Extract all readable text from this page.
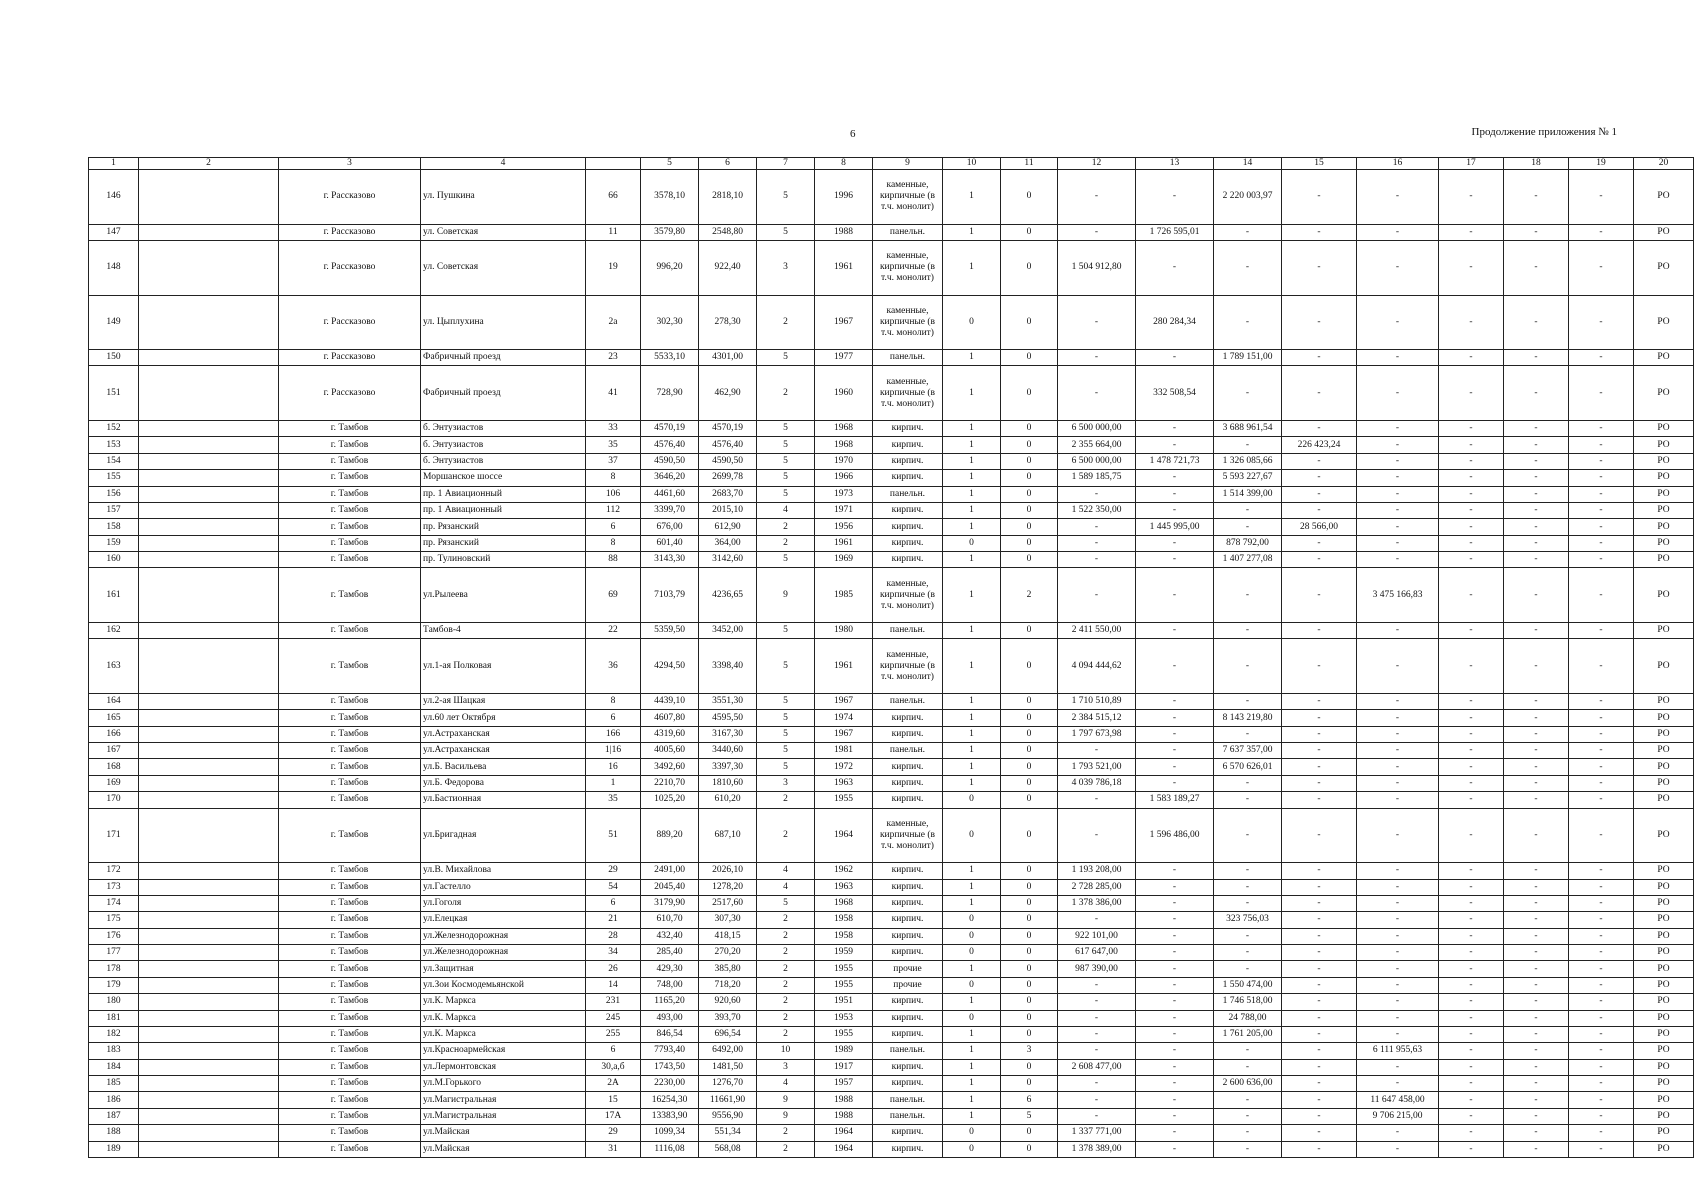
6	Продолжение приложения № 1
1	2	3	4		5	6	7	8	9	10	11	12	13	14	15	16	17	18	19	20
146		г. Рассказово	ул. Пушкина	66	3578,10	2818,10	5	1996	каменные, кирпичные (в т.ч. монолит)	1	0	-	-	2 220 003,97	-	-	-	-	-	РО
147		г. Рассказово	ул. Советская	11	3579,80	2548,80	5	1988	панельн.	1	0	-	1 726 595,01	-	-	-	-	-	-	РО
148		г. Рассказово	ул. Советская	19	996,20	922,40	3	1961	каменные, кирпичные (в т.ч. монолит)	1	0	1 504 912,80	-	-	-	-	-	-	-	РО
149		г. Рассказово	ул. Цыплухина	2а	302,30	278,30	2	1967	каменные, кирпичные (в т.ч. монолит)	0	0	-	280 284,34	-	-	-	-	-	-	РО
150		г. Рассказово	Фабричный проезд	23	5533,10	4301,00	5	1977	панельн.	1	0	-	-	1 789 151,00	-	-	-	-	-	РО
151		г. Рассказово	Фабричный проезд	41	728,90	462,90	2	1960	каменные, кирпичные (в т.ч. монолит)	1	0	-	332 508,54	-	-	-	-	-	-	РО
152		г. Тамбов	б. Энтузиастов	33	4570,19	4570,19	5	1968	кирпич.	1	0	6 500 000,00	-	3 688 961,54	-	-	-	-	-	РО
153		г. Тамбов	б. Энтузиастов	35	4576,40	4576,40	5	1968	кирпич.	1	0	2 355 664,00	-	-	226 423,24	-	-	-	-	РО
154		г. Тамбов	б. Энтузиастов	37	4590,50	4590,50	5	1970	кирпич.	1	0	6 500 000,00	1 478 721,73	1 326 085,66	-	-	-	-	-	РО
155		г. Тамбов	Моршанское шоссе	8	3646,20	2699,78	5	1966	кирпич.	1	0	1 589 185,75	-	5 593 227,67	-	-	-	-	-	РО
156		г. Тамбов	пр. 1 Авиационный	106	4461,60	2683,70	5	1973	панельн.	1	0	-	-	1 514 399,00	-	-	-	-	-	РО
157		г. Тамбов	пр. 1 Авиационный	112	3399,70	2015,10	4	1971	кирпич.	1	0	1 522 350,00	-	-	-	-	-	-	-	РО
158		г. Тамбов	пр. Рязанский	6	676,00	612,90	2	1956	кирпич.	1	0	-	1 445 995,00	-	28 566,00	-	-	-	-	РО
159		г. Тамбов	пр. Рязанский	8	601,40	364,00	2	1961	кирпич.	0	0	-	-	878 792,00	-	-	-	-	-	РО
160		г. Тамбов	пр. Тулиновский	88	3143,30	3142,60	5	1969	кирпич.	1	0	-	-	1 407 277,08	-	-	-	-	-	РО
161		г. Тамбов	ул.Рылеева	69	7103,79	4236,65	9	1985	каменные, кирпичные (в т.ч. монолит)	1	2	-	-	-	-	3 475 166,83	-	-	-	РО
162		г. Тамбов	Тамбов-4	22	5359,50	3452,00	5	1980	панельн.	1	0	2 411 550,00	-	-	-	-	-	-	-	РО
163		г. Тамбов	ул.1-ая Полковая	36	4294,50	3398,40	5	1961	каменные, кирпичные (в т.ч. монолит)	1	0	4 094 444,62	-	-	-	-	-	-	-	РО
164		г. Тамбов	ул.2-ая Шацкая	8	4439,10	3551,30	5	1967	панельн.	1	0	1 710 510,89	-	-	-	-	-	-	-	РО
165		г. Тамбов	ул.60 лет Октября	6	4607,80	4595,50	5	1974	кирпич.	1	0	2 384 515,12	-	8 143 219,80	-	-	-	-	-	РО
166		г. Тамбов	ул.Астраханская	166	4319,60	3167,30	5	1967	кирпич.	1	0	1 797 673,98	-	-	-	-	-	-	-	РО
167		г. Тамбов	ул.Астраханская	1|16	4005,60	3440,60	5	1981	панельн.	1	0	-	-	7 637 357,00	-	-	-	-	-	РО
168		г. Тамбов	ул.Б. Васильева	16	3492,60	3397,30	5	1972	кирпич.	1	0	1 793 521,00	-	6 570 626,01	-	-	-	-	-	РО
169		г. Тамбов	ул.Б. Федорова	1	2210,70	1810,60	3	1963	кирпич.	1	0	4 039 786,18	-	-	-	-	-	-	-	РО
170		г. Тамбов	ул.Бастионная	35	1025,20	610,20	2	1955	кирпич.	0	0	-	1 583 189,27	-	-	-	-	-	-	РО
171		г. Тамбов	ул.Бригадная	51	889,20	687,10	2	1964	каменные, кирпичные (в т.ч. монолит)	0	0	-	1 596 486,00	-	-	-	-	-	-	РО
172		г. Тамбов	ул.В. Михайлова	29	2491,00	2026,10	4	1962	кирпич.	1	0	1 193 208,00	-	-	-	-	-	-	-	РО
173		г. Тамбов	ул.Гастелло	54	2045,40	1278,20	4	1963	кирпич.	1	0	2 728 285,00	-	-	-	-	-	-	-	РО
174		г. Тамбов	ул.Гоголя	6	3179,90	2517,60	5	1968	кирпич.	1	0	1 378 386,00	-	-	-	-	-	-	-	РО
175		г. Тамбов	ул.Елецкая	21	610,70	307,30	2	1958	кирпич.	0	0	-	-	323 756,03	-	-	-	-	-	РО
176		г. Тамбов	ул.Железнодорожная	28	432,40	418,15	2	1958	кирпич.	0	0	922 101,00	-	-	-	-	-	-	-	РО
177		г. Тамбов	ул.Железнодорожная	34	285,40	270,20	2	1959	кирпич.	0	0	617 647,00	-	-	-	-	-	-	-	РО
178		г. Тамбов	ул.Защитная	26	429,30	385,80	2	1955	прочие	1	0	987 390,00	-	-	-	-	-	-	-	РО
179		г. Тамбов	ул.Зои Космодемьянской	14	748,00	718,20	2	1955	прочие	0	0	-	-	1 550 474,00	-	-	-	-	-	РО
180		г. Тамбов	ул.К. Маркса	231	1165,20	920,60	2	1951	кирпич.	1	0	-	-	1 746 518,00	-	-	-	-	-	РО
181		г. Тамбов	ул.К. Маркса	245	493,00	393,70	2	1953	кирпич.	0	0	-	-	24 788,00	-	-	-	-	-	РО
182		г. Тамбов	ул.К. Маркса	255	846,54	696,54	2	1955	кирпич.	1	0	-	-	1 761 205,00	-	-	-	-	-	РО
183		г. Тамбов	ул.Красноармейская	6	7793,40	6492,00	10	1989	панельн.	1	3	-	-	-	-	6 111 955,63	-	-	-	РО
184		г. Тамбов	ул.Лермонтовская	30,а,б	1743,50	1481,50	3	1917	кирпич.	1	0	2 608 477,00	-	-	-	-	-	-	-	РО
185		г. Тамбов	ул.М.Горького	2А	2230,00	1276,70	4	1957	кирпич.	1	0	-	-	2 600 636,00	-	-	-	-	-	РО
186		г. Тамбов	ул.Магистральная	15	16254,30	11661,90	9	1988	панельн.	1	6	-	-	-	-	11 647 458,00	-	-	-	РО
187		г. Тамбов	ул.Магистральная	17А	13383,90	9556,90	9	1988	панельн.	1	5	-	-	-	-	9 706 215,00	-	-	-	РО
188		г. Тамбов	ул.Майская	29	1099,34	551,34	2	1964	кирпич.	0	0	1 337 771,00	-	-	-	-	-	-	-	РО
189		г. Тамбов	ул.Майская	31	1116,08	568,08	2	1964	кирпич.	0	0	1 378 389,00	-	-	-	-	-	-	-	РО
